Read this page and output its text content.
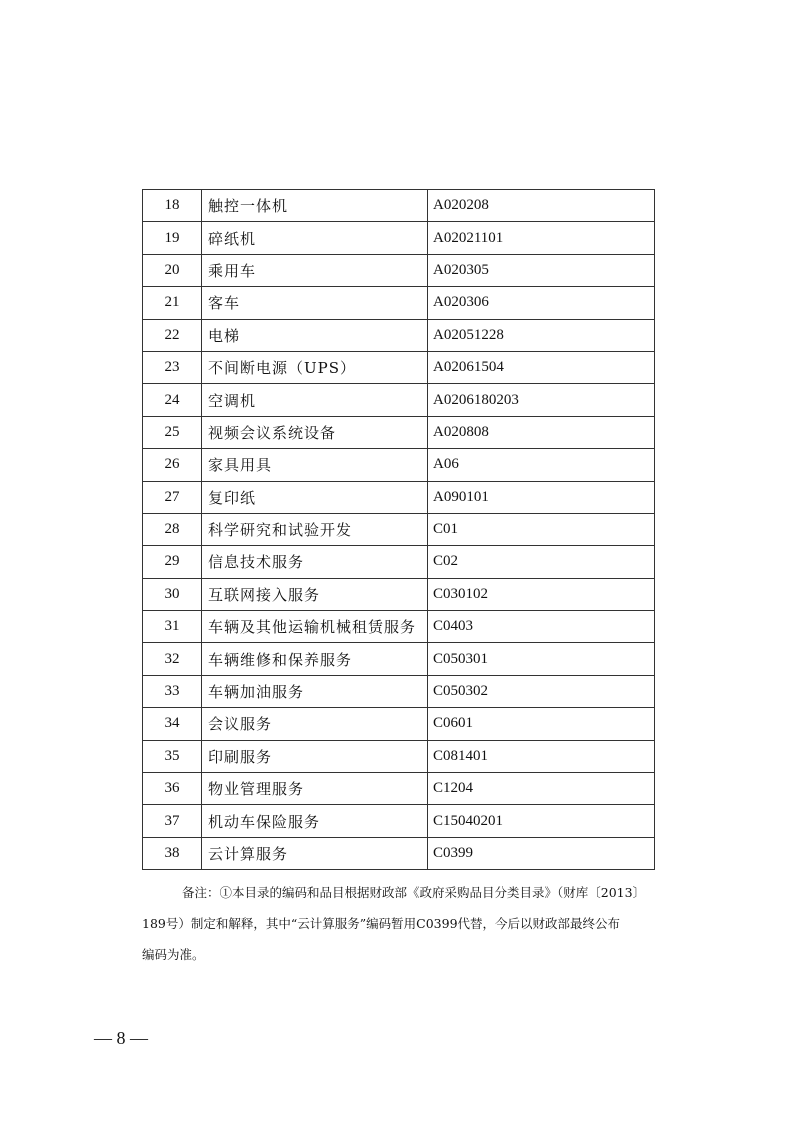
18	触控一体机	A020208
19	碎纸机	A02021101
20	乘用车	A020305
21	客车	A020306
22	电梯	A02051228
23	不间断电源（UPS）	A02061504
24	空调机	A0206180203
25	视频会议系统设备	A020808
26	家具用具	A06
27	复印纸	A090101
28	科学研究和试验开发	C01
29	信息技术服务	C02
30	互联网接入服务	C030102
31	车辆及其他运输机械租赁服务	C0403
32	车辆维修和保养服务	C050301
33	车辆加油服务	C050302
34	会议服务	C0601
35	印刷服务	C081401
36	物业管理服务	C1204
37	机动车保险服务	C15040201
38	云计算服务	C0399

备注：①本目录的编码和品目根据财政部《政府采购品目分类目录》（财库〔2013〕
189号）制定和解释，其中“云计算服务”编码暂用C0399代替，今后以财政部最终公布
编码为准。

— 8 —
